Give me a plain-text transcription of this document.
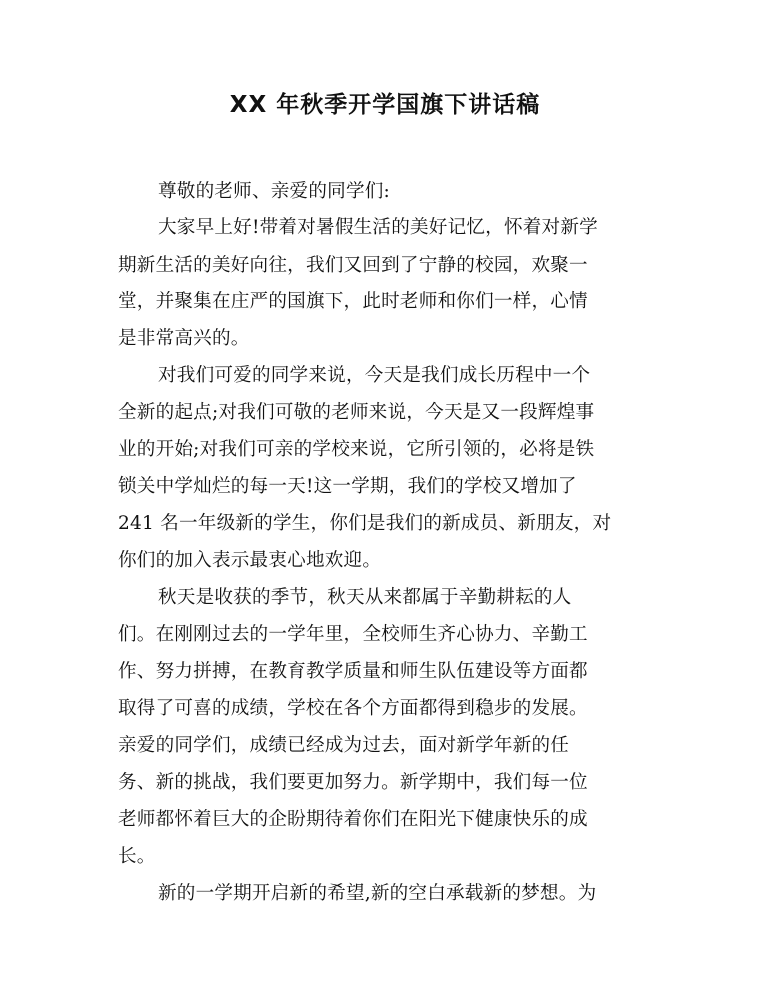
XX 年秋季开学国旗下讲话稿
尊敬的老师、亲爱的同学们:
大家早上好!带着对暑假生活的美好记忆，怀着对新学
期新生活的美好向往，我们又回到了宁静的校园，欢聚一
堂，并聚集在庄严的国旗下，此时老师和你们一样，心情
是非常高兴的。
对我们可爱的同学来说，今天是我们成长历程中一个
全新的起点;对我们可敬的老师来说，今天是又一段辉煌事
业的开始;对我们可亲的学校来说，它所引领的，必将是铁
锁关中学灿烂的每一天!这一学期，我们的学校又增加了
241 名一年级新的学生，你们是我们的新成员、新朋友，对
你们的加入表示最衷心地欢迎。
秋天是收获的季节，秋天从来都属于辛勤耕耘的人
们。在刚刚过去的一学年里，全校师生齐心协力、辛勤工
作、努力拼搏，在教育教学质量和师生队伍建设等方面都
取得了可喜的成绩，学校在各个方面都得到稳步的发展。
亲爱的同学们，成绩已经成为过去，面对新学年新的任
务、新的挑战，我们要更加努力。新学期中，我们每一位
老师都怀着巨大的企盼期待着你们在阳光下健康快乐的成
长。
新的一学期开启新的希望,新的空白承载新的梦想。为
